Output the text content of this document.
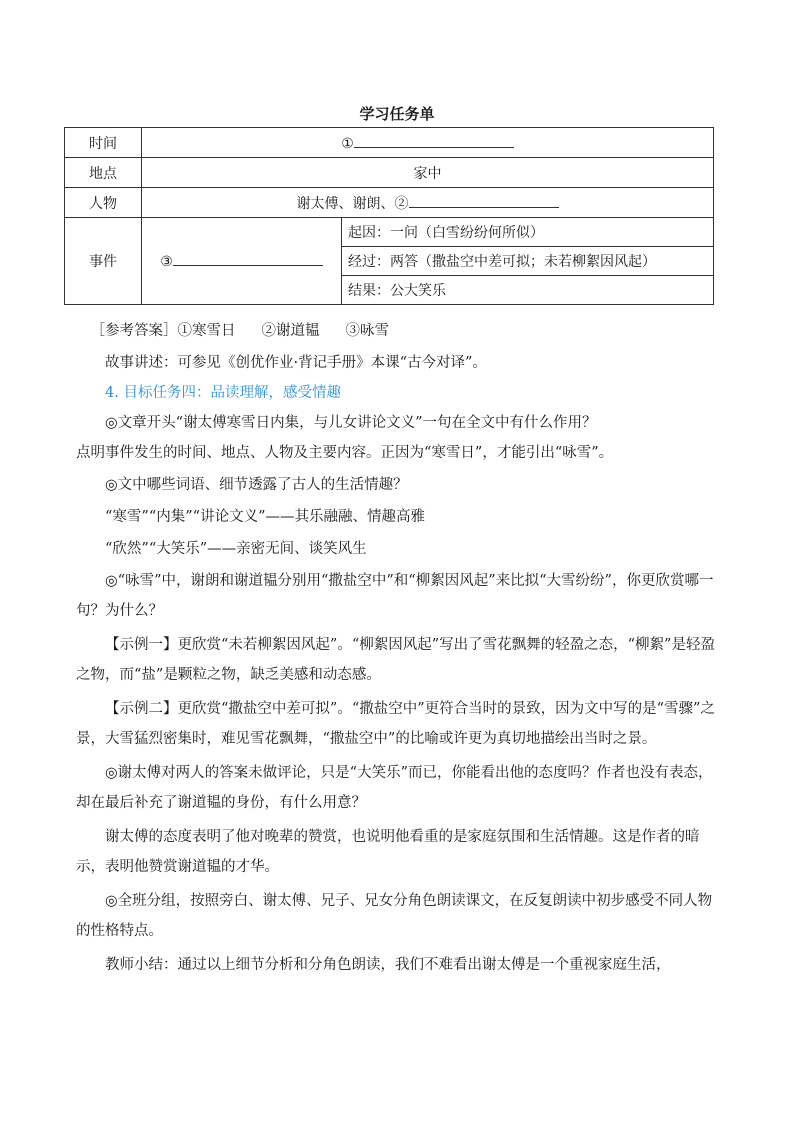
学习任务单
时间	①	
地点	家中	
人物	谢太傅、谢朗、②	
事件	③	起因：一问（白雪纷纷何所似）
		经过：两答（撒盐空中差可拟；未若柳絮因风起）
		结果：公大笑乐

［参考答案］①寒雪日 ②谢道韫 ③咏雪

故事讲述：可参见《创优作业·背记手册》本课“古今对译”。

4. 目标任务四：品读理解，感受情趣

◎文章开头“谢太傅寒雪日内集，与儿女讲论文义”一句在全文中有什么作用？

点明事件发生的时间、地点、人物及主要内容。正因为“寒雪日”，才能引出“咏雪”。

◎文中哪些词语、细节透露了古人的生活情趣？

“寒雪”“内集”“讲论文义”——其乐融融、情趣高雅

“欣然”“大笑乐”——亲密无间、谈笑风生

◎“咏雪”中，谢朗和谢道韫分别用“撒盐空中”和“柳絮因风起”来比拟“大雪纷纷”，你更欣赏哪一句？为什么？

【示例一】更欣赏“未若柳絮因风起”。“柳絮因风起”写出了雪花飘舞的轻盈之态，“柳絮”是轻盈之物，而“盐”是颗粒之物，缺乏美感和动态感。

【示例二】更欣赏“撒盐空中差可拟”。“撒盐空中”更符合当时的景致，因为文中写的是“雪骤”之景，大雪猛烈密集时，难见雪花飘舞，“撒盐空中”的比喻或许更为真切地描绘出当时之景。

◎谢太傅对两人的答案未做评论，只是“大笑乐”而已，你能看出他的态度吗？作者也没有表态，却在最后补充了谢道韫的身份，有什么用意？

谢太傅的态度表明了他对晚辈的赞赏，也说明他看重的是家庭氛围和生活情趣。这是作者的暗示，表明他赞赏谢道韫的才华。

◎全班分组，按照旁白、谢太傅、兄子、兄女分角色朗读课文，在反复朗读中初步感受不同人物的性格特点。

教师小结：通过以上细节分析和分角色朗读，我们不难看出谢太傅是一个重视家庭生活，
